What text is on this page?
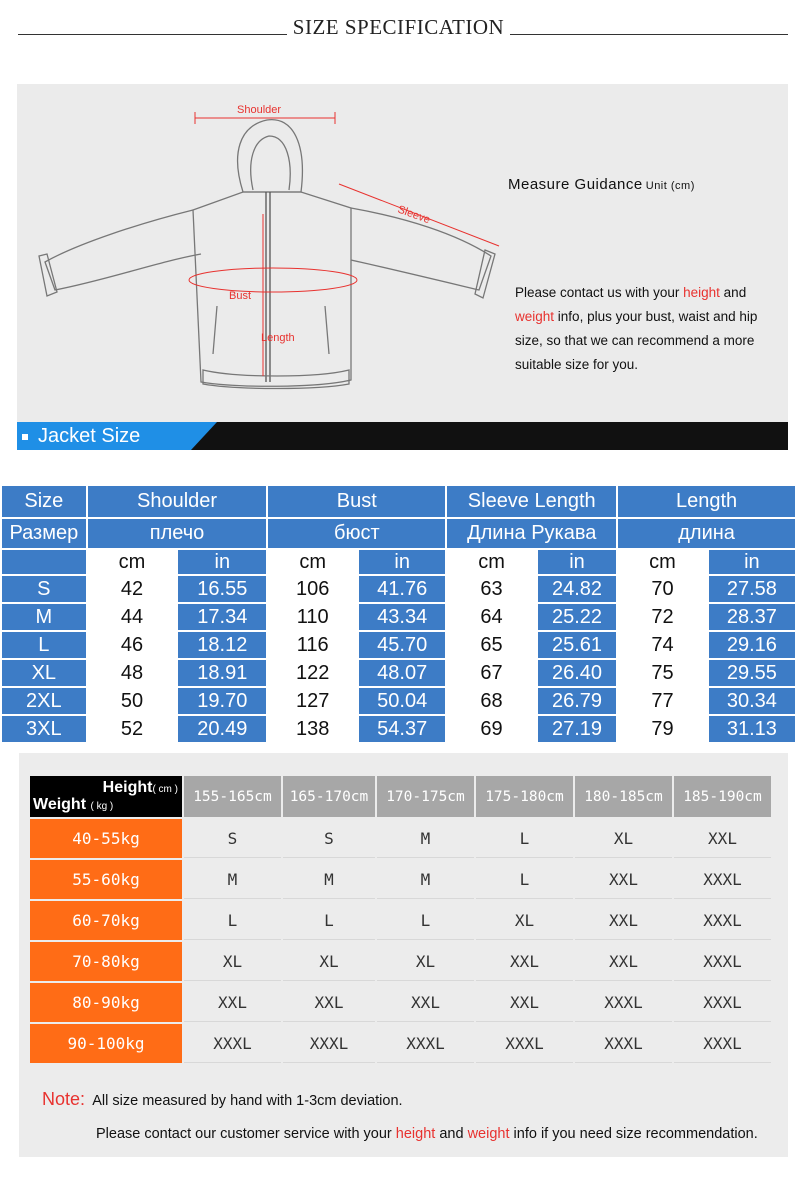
SIZE SPECIFICATION
Shoulder
Sleeve
Bust
Length
Measure Guidance Unit (cm)
Please contact us with your height and weight info, plus your bust, waist and hip size, so that we can recommend a more suitable size for you.
Jacket Size
Size	Shoulder		Bust		Sleeve Length		Length	
Размер	плечо		бюст		Длина Рукава		длина	
	cm	in	cm	in	cm	in	cm	in
S	42	16.55	106	41.76	63	24.82	70	27.58
M	44	17.34	110	43.34	64	25.22	72	28.37
L	46	18.12	116	45.70	65	25.61	74	29.16
XL	48	18.91	122	48.07	67	26.40	75	29.55
2XL	50	19.70	127	50.04	68	26.79	77	30.34
3XL	52	20.49	138	54.37	69	27.19	79	31.13
Height( cm )
Weight ( kg )	155-165cm	165-170cm	170-175cm	175-180cm	180-185cm	185-190cm
40-55kg	S	S	M	L	XL	XXL
55-60kg	M	M	M	L	XXL	XXXL
60-70kg	L	L	L	XL	XXL	XXXL
70-80kg	XL	XL	XL	XXL	XXL	XXXL
80-90kg	XXL	XXL	XXL	XXL	XXXL	XXXL
90-100kg	XXXL	XXXL	XXXL	XXXL	XXXL	XXXL
Note: All size measured by hand with 1-3cm deviation.
Please contact our customer service with your height and weight info if you need size recommendation.
